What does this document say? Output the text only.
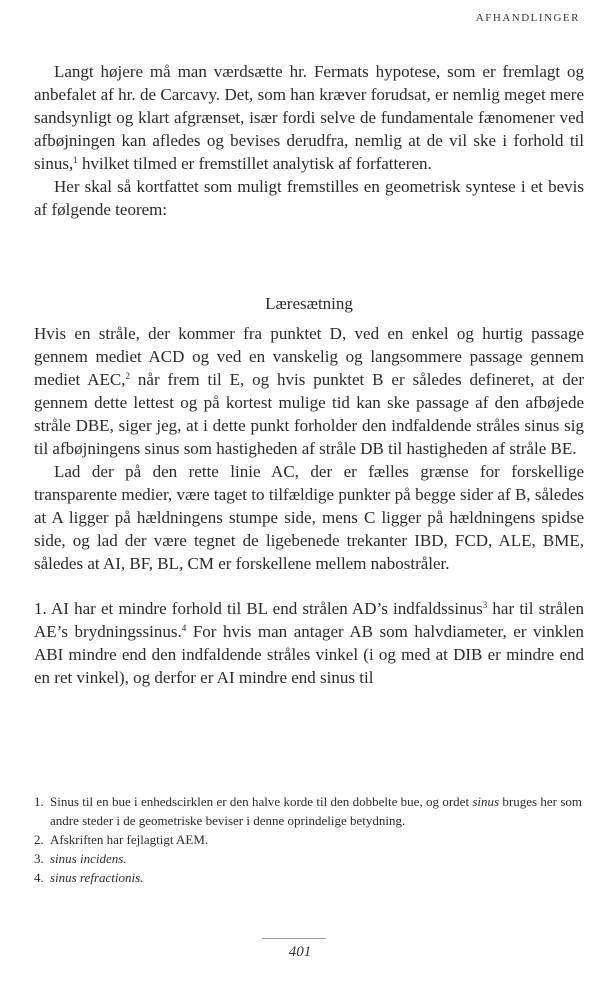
AFHANDLINGER

Langt højere må man værdsætte hr. Fermats hypotese, som er fremlagt og anbefalet af hr. de Carcavy. Det, som han kræver forudsat, er nemlig meget mere sandsynligt og klart afgrænset, især fordi selve de fundamentale fænomener ved afbøjningen kan afledes og bevises derudfra, nemlig at de vil ske i forhold til sinus,$^1$ hvilket tilmed er fremstillet analytisk af forfatteren.

Her skal så kortfattet som muligt fremstilles en geometrisk syntese i et bevis af følgende teorem:

Læresætning

Hvis en stråle, der kommer fra punktet D, ved en enkel og hurtig passage gennem mediet ACD og ved en vanskelig og langsommere passage gennem mediet AEC,$^2$ når frem til E, og hvis punktet B er således defineret, at der gennem dette lettest og på kortest mulige tid kan ske passage af den afbøjede stråle DBE, siger jeg, at i dette punkt forholder den indfaldende stråles sinus sig til afbøjningens sinus som hastigheden af stråle DB til hastigheden af stråle BE.

Lad der på den rette linie AC, der er fælles grænse for forskellige transparente medier, være taget to tilfældige punkter på begge sider af B, således at A ligger på hældningens stumpe side, mens C ligger på hældningens spidse side, og lad der være tegnet de ligebenede trekanter IBD, FCD, ALE, BME, således at AI, BF, BL, CM er forskellene mellem nabostråler.

1. AI har et mindre forhold til BL end strålen AD’s indfaldssinus$^3$ har til strålen AE’s brydningssinus.$^4$ For hvis man antager AB som halvdiameter, er vinklen ABI mindre end den indfaldende stråles vinkel (i og med at DIB er mindre end en ret vinkel), og derfor er AI mindre end sinus til

1. Sinus til en bue i enhedscirklen er den halve korde til den dobbelte bue, og ordet sinus bruges her som andre steder i de geometriske beviser i denne oprindelige betydning.
2. Afskriften har fejlagtigt AEM.
3. sinus incidens.
4. sinus refractionis.
401
